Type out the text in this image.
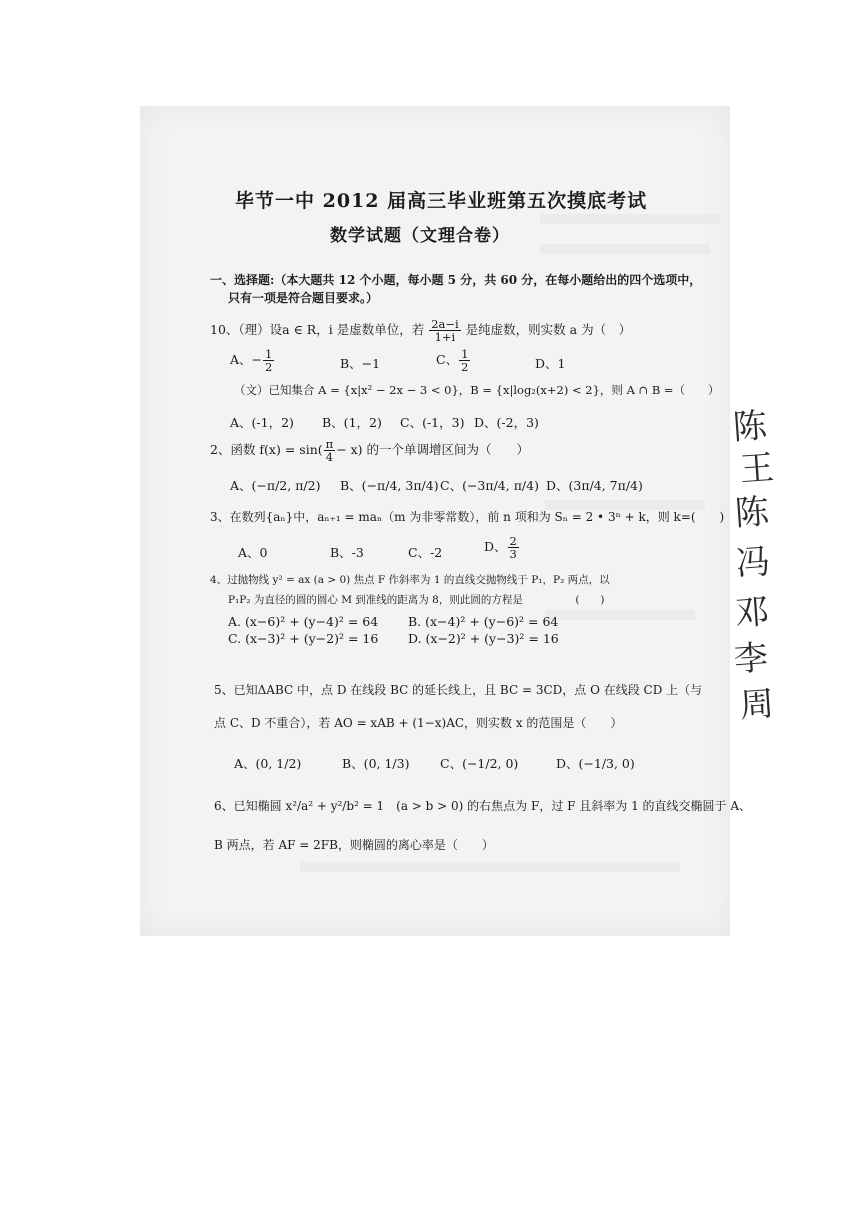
毕节一中 2012 届高三毕业班第五次摸底考试
数学试题（文理合卷）
一、选择题:（本大题共 12 个小题，每小题 5 分，共 60 分，在每小题给出的四个选项中，
只有一项是符合题目要求。）
10、（理）设a ∈ R，i 是虚数单位，若 $\frac{2a-i}{1+i}$ 是纯虚数，则实数 a 为（　）
A、− $\frac{1}{2}$	B、−1	C、 $\frac{1}{2}$	D、1
（文）已知集合 A = {x|x² − 2x − 3 < 0}，B = {x|log₂(x+2) < 2}，则 A ∩ B =（　　）
A、(-1，2) B、(1，2) C、(-1，3) D、(-2，3)
2、函数 $f(x) = \sin( \frac{\pi}{4} - x)$ 的一个单调增区间为（　　）
A、(−π/2, π/2) B、(−π/4, 3π/4) C、(−3π/4, π/4) D、(3π/4, 7π/4)
3、在数列{aₙ}中，aₙ₊₁ = maₙ（m 为非零常数），前 n 项和为 Sₙ = 2 • 3ⁿ + k，则 k=(　　)
A、0	B、-3	C、-2	D、 $\frac{2}{3}$
4、过抛物线 y² = ax (a > 0) 焦点 F 作斜率为 1 的直线交抛物线于 P₁，P₂ 两点，以
P₁P₂ 为直径的圆的圆心 M 到准线的距离为 8，则此圆的方程是　　　　　(　　)
A. (x−6)² + (y−4)² = 64 B. (x−4)² + (y−6)² = 64
C. (x−3)² + (y−2)² = 16 D. (x−2)² + (y−3)² = 16
5、已知ΔABC 中，点 D 在线段 BC 的延长线上，且 BC = 3CD，点 O 在线段 CD 上（与
点 C、D 不重合），若 AO = xAB + (1−x)AC，则实数 x 的范围是（　　）
A、(0, 1/2)	B、(0, 1/3) C、(−1/2, 0)	D、(−1/3, 0)
6、已知椭圆 x²/a² + y²/b² = 1　(a > b > 0) 的右焦点为 F，过 F 且斜率为 1 的直线交椭圆于 A、
B 两点，若 AF = 2FB，则椭圆的离心率是（　　）
陈
王
陈
冯
邓
李
周
